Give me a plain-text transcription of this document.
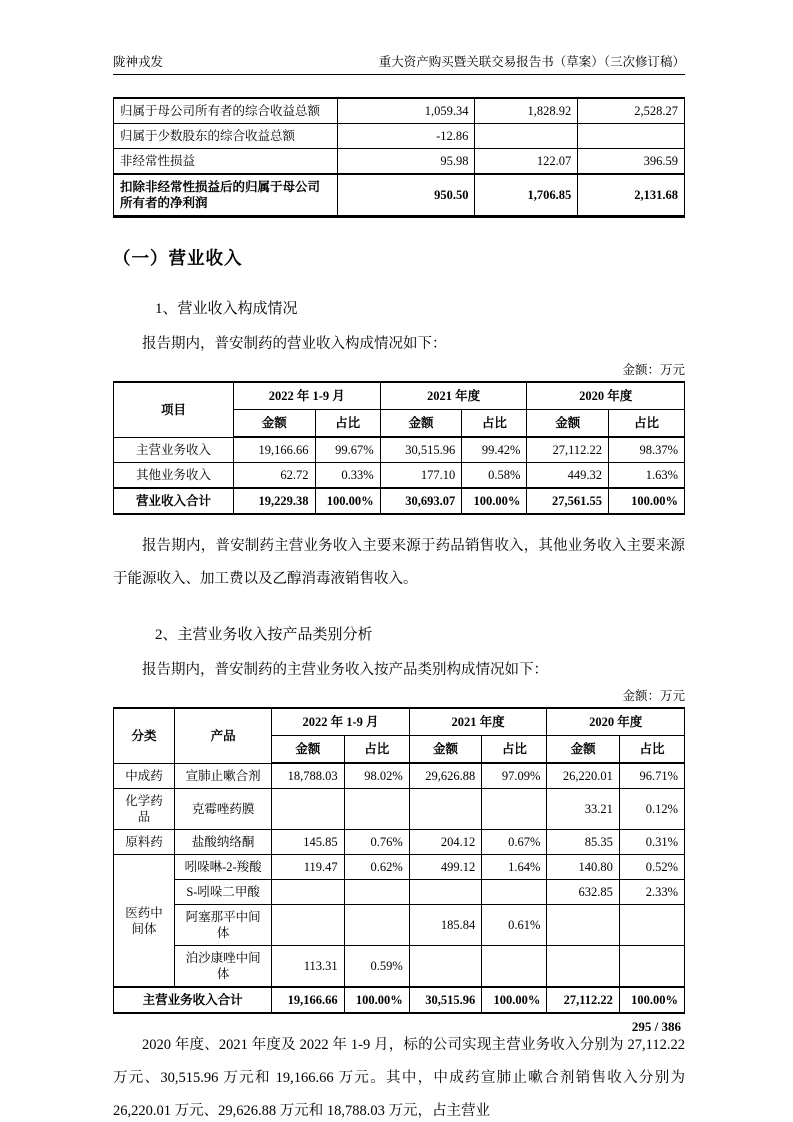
陇神戎发	重大资产购买暨关联交易报告书（草案）（三次修订稿）
归属于母公司所有者的综合收益总额	1,059.34	1,828.92	2,528.27
归属于少数股东的综合收益总额	-12.86		
非经常性损益	95.98	122.07	396.59
扣除非经常性损益后的归属于母公司所有者的净利润	950.50	1,706.85	2,131.68
（一）营业收入

1、营业收入构成情况

报告期内，普安制药的营业收入构成情况如下：

金额：万元
项目	2022 年 1-9 月		2021 年度		2020 年度	
	金额	占比	金额	占比	金额	占比
主营业务收入	19,166.66	99.67%	30,515.96	99.42%	27,112.22	98.37%
其他业务收入	62.72	0.33%	177.10	0.58%	449.32	1.63%
营业收入合计	19,229.38	100.00%	30,693.07	100.00%	27,561.55	100.00%

报告期内，普安制药主营业务收入主要来源于药品销售收入，其他业务收入主要来源于能源收入、加工费以及乙醇消毒液销售收入。

2、主营业务收入按产品类别分析

报告期内，普安制药的主营业务收入按产品类别构成情况如下：

金额：万元
分类	产品	2022 年 1-9 月		2021 年度		2020 年度	
		金额	占比	金额	占比	金额	占比
中成药	宣肺止嗽合剂	18,788.03	98.02%	29,626.88	97.09%	26,220.01	96.71%
化学药品	克霉唑药膜					33.21	0.12%
原料药	盐酸纳络酮	145.85	0.76%	204.12	0.67%	85.35	0.31%
医药中间体	吲哚啉-2-羧酸	119.47	0.62%	499.12	1.64%	140.80	0.52%
	S-吲哚二甲酸					632.85	2.33%
	阿塞那平中间体			185.84	0.61%		
	泊沙康唑中间体	113.31	0.59%				
主营业务收入合计		19,166.66	100.00%	30,515.96	100.00%	27,112.22	100.00%

2020 年度、2021 年度及 2022 年 1-9 月，标的公司实现主营业务收入分别为 27,112.22 万元、30,515.96 万元和 19,166.66 万元。其中，中成药宣肺止嗽合剂销售收入分别为 26,220.01 万元、29,626.88 万元和 18,788.03 万元，占主营业

295 / 386
